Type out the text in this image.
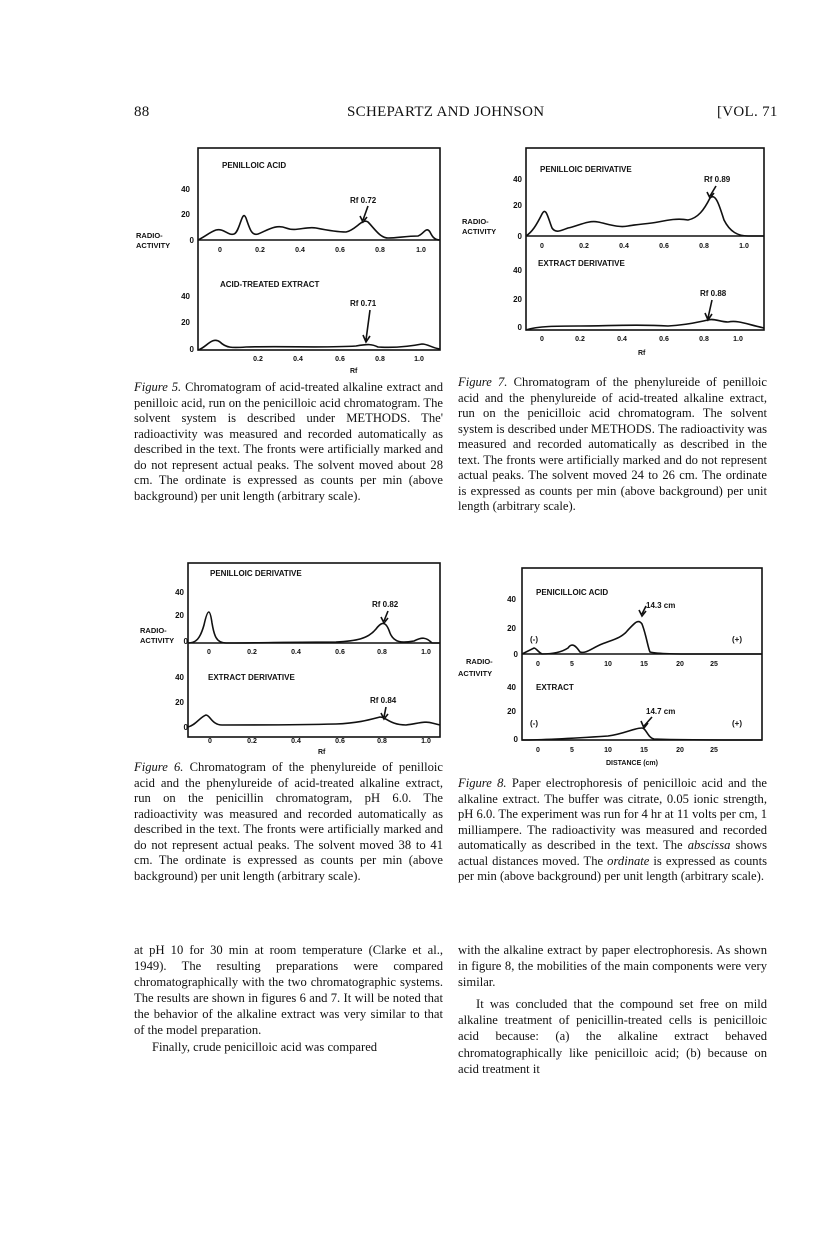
88	SCHEPARTZ AND JOHNSON	[VOL. 71
PENILLOIC ACID
Rf 0.72
40
20
0
RADIO-
ACTIVITY
0	0.2	0.4	0.6	0.8	1.0
ACID-TREATED EXTRACT
Rf 0.71
40
20
0
0.2	0.4	0.6	0.8	1.0
Rf
Figure 5. Chromatogram of acid-treated alkaline extract and penilloic acid, run on the penicilloic acid chromatogram. The solvent system is described under METHODS. The' radioactivity was measured and recorded automatically as described in the text. The fronts were artificially marked and do not represent actual peaks. The solvent moved about 28 cm. The ordinate is expressed as counts per min (above background) per unit length (arbitrary scale).
PENILLOIC DERIVATIVE
Rf 0.89
40
20
0
RADIO-
ACTIVITY
0	0.2	0.4	0.6	0.8	1.0
EXTRACT DERIVATIVE
Rf 0.88
40
20
0
0	0.2	0.4	0.6	0.8	1.0
Rf
Figure 7. Chromatogram of the phenylureide of penilloic acid and the phenylureide of acid-treated alkaline extract, run on the penicilloic acid chromatogram. The solvent system is described under METHODS. The radioactivity was measured and recorded automatically as described in the text. The fronts were artificially marked and do not represent actual peaks. The solvent moved 24 to 26 cm. The ordinate is expressed as counts per min (above background) per unit length (arbitrary scale).
PENILLOIC DERIVATIVE
Rf 0.82
40
20
0
RADIO-
ACTIVITY
0	0.2	0.4	0.6	0.8	1.0
EXTRACT DERIVATIVE
Rf 0.84
40
20
0
0	0.2	0.4	0.6	0.8	1.0
Rf
Figure 6. Chromatogram of the phenylureide of penilloic acid and the phenylureide of acid-treated alkaline extract, run on the penicillin chromatogram, pH 6.0. The radioactivity was measured and recorded automatically as described in the text. The fronts were artificially marked and do not represent actual peaks. The solvent moved 38 to 41 cm. The ordinate is expressed as counts per min (above background) per unit length (arbitrary scale).
PENICILLOIC ACID
14.3 cm
(-)	(+)
40
20
0
RADIO-
ACTIVITY
0	5	10	15	20	25
EXTRACT
14.7 cm
(-)	(+)
40
20
0
0	5	10	15	20	25
DISTANCE (cm)
Figure 8. Paper electrophoresis of penicilloic acid and the alkaline extract. The buffer was citrate, 0.05 ionic strength, pH 6.0. The experiment was run for 4 hr at 11 volts per cm, 1 milliampere. The radioactivity was measured and recorded automatically as described in the text. The abscissa shows actual distances moved. The ordinate is expressed as counts per min (above background) per unit length (arbitrary scale).

at pH 10 for 30 min at room temperature (Clarke et al., 1949). The resulting preparations were compared chromatographically with the two chromatographic systems. The results are shown in figures 6 and 7. It will be noted that the behavior of the alkaline extract was very similar to that of the model preparation.

Finally, crude penicilloic acid was compared

with the alkaline extract by paper electrophoresis. As shown in figure 8, the mobilities of the main components were very similar.

It was concluded that the compound set free on mild alkaline treatment of penicillin-treated cells is penicilloic acid because: (a) the alkaline extract behaved chromatographically like penicilloic acid; (b) because on acid treatment it
